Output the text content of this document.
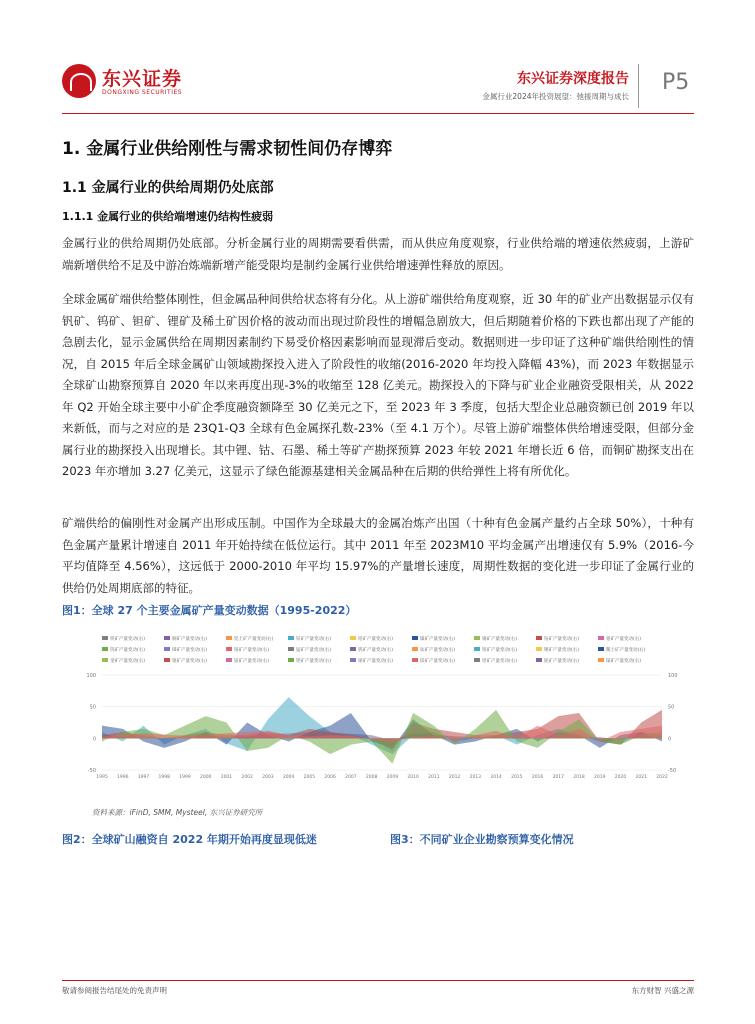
东兴证券
DONGXING SECURITIES
东兴证券深度报告
金属行业2024年投资展望：弛援周期与成长
P5
1. 金属行业供给刚性与需求韧性间仍存博弈
1.1 金属行业的供给周期仍处底部
1.1.1 金属行业的供给端增速仍结构性疲弱

金属行业的供给周期仍处底部。分析金属行业的周期需要看供需，而从供应角度观察，行业供给端的增速依然疲弱，上游矿端新增供给不足及中游冶炼端新增产能受限均是制约金属行业供给增速弹性释放的原因。

全球金属矿端供给整体刚性，但金属品种间供给状态将有分化。从上游矿端供给角度观察，近 30 年的矿业产出数据显示仅有钒矿、钨矿、钽矿、锂矿及稀土矿因价格的波动而出现过阶段性的增幅急剧放大，但后期随着价格的下跌也都出现了产能的急剧去化，显示金属供给在周期因素制约下易受价格因素影响而显现滞后变动。数据则进一步印证了这种矿端供给刚性的情况，自 2015 年后全球金属矿山领域勘探投入进入了阶段性的收缩(2016-2020 年均投入降幅 43%)，而 2023 年数据显示全球矿山勘察预算自 2020 年以来再度出现-3%的收缩至 128 亿美元。勘探投入的下降与矿业企业融资受限相关，从 2022 年 Q2 开始全球主要中小矿企季度融资额降至 30 亿美元之下，至 2023 年 3 季度，包括大型企业总融资额已创 2019 年以来新低，而与之对应的是 23Q1-Q3 全球有色金属探孔数-23%（至 4.1 万个）。尽管上游矿端整体供给增速受限，但部分金属行业的勘探投入出现增长。其中锂、钴、石墨、稀土等矿产勘探预算 2023 年较 2021 年增长近 6 倍，而铜矿勘探支出在 2023 年亦增加 3.27 亿美元，这显示了绿色能源基建相关金属品种在后期的供给弹性上将有所优化。

矿端供给的偏刚性对金属产出形成压制。中国作为全球最大的金属冶炼产出国（十种有色金属产量约占全球 50%），十种有色金属产量累计增速自 2011 年开始持续在低位运行。其中 2011 年至 2023M10 平均金属产出增速仅有 5.9%（2016-今平均值降至 4.56%），这远低于 2000-2010 年平均 15.97%的产量增长速度，周期性数据的变化进一步印证了金属行业的供给仍处周期底部的特征。

图1：全球 27 个主要金属矿产量变动数据（1995-2022）
铁矿产量变动(右)	铜矿产量变动(右)	铝土矿产量变动(右)	锌矿产量变动(右)	铅矿产量变动(右)	镍矿产量变动(右)	锡矿产量变动(右)	钴矿产量变动(右)	钼矿产量变动(右)
钨矿产量变动(右)	锑矿产量变动(右)	铬矿产量变动(右)	锰矿产量变动(右)	钒矿产量变动(右)	钛矿产量变动(右)	锆矿产量变动(右)	锂矿产量变动(右)	稀土矿产量变动(右)
金矿产量变动(右)	银矿产量变动(右)	铂矿产量变动(右)	钯矿产量变动(右)	铋矿产量变动(右)	镁矿产量变动(右)	钽矿产量变动(右)	铌矿产量变动(右)	镓矿产量变动(右)
1995 1996 1997 1998 1999 2000 2001 2002 2003 2004 2005 2006 2007 2008 2009 2010 2011 2012 2013 2014 2015 2016 2017 2018 2019 2020 2021 2022
100	100
50	50
0	0
-50	-50
资料来源：iFinD, SMM, Mysteel, 东兴证券研究所
图2：全球矿山融资自 2022 年期开始再度显现低迷	图3：不同矿业企业勘察预算变化情况
敬请参阅报告结尾处的免责声明	东方财智 兴盛之源
